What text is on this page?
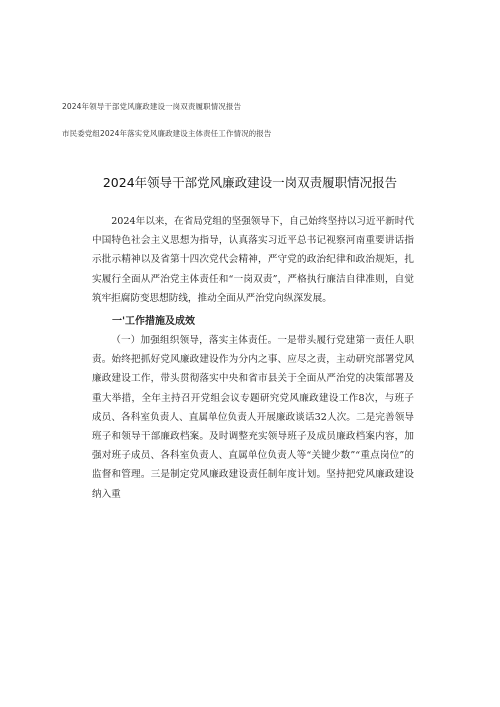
2024年领导干部党风廉政建设一岗双责履职情况报告
市民委党组2024年落实党风廉政建设主体责任工作情况的报告
2024年领导干部党风廉政建设一岗双责履职情况报告

2024年以来，在省局党组的坚强领导下，自己始终坚持以习近平新时代中国特色社会主义思想为指导，认真落实习近平总书记视察河南重要讲话指示批示精神以及省第十四次党代会精神，严守党的政治纪律和政治规矩，扎实履行全面从严治党主体责任和“一岗双责”，严格执行廉洁自律准则，自觉筑牢拒腐防变思想防线，推动全面从严治党向纵深发展。

一'工作措施及成效

（一）加强组织领导，落实主体责任。一是带头履行党建第一责任人职责。始终把抓好党风廉政建设作为分内之事、应尽之责，主动研究部署党风廉政建设工作，带头贯彻落实中央和省市县关于全面从严治党的决策部署及重大举措，全年主持召开党组会议专题研究党风廉政建设工作8次，与班子成员、各科室负责人、直属单位负责人开展廉政谈话32人次。二是完善领导班子和领导干部廉政档案。及时调整充实领导班子及成员廉政档案内容，加强对班子成员、各科室负责人、直属单位负责人等“关键少数”“重点岗位”的监督和管理。三是制定党风廉政建设责任制年度计划。坚持把党风廉政建设纳入重
